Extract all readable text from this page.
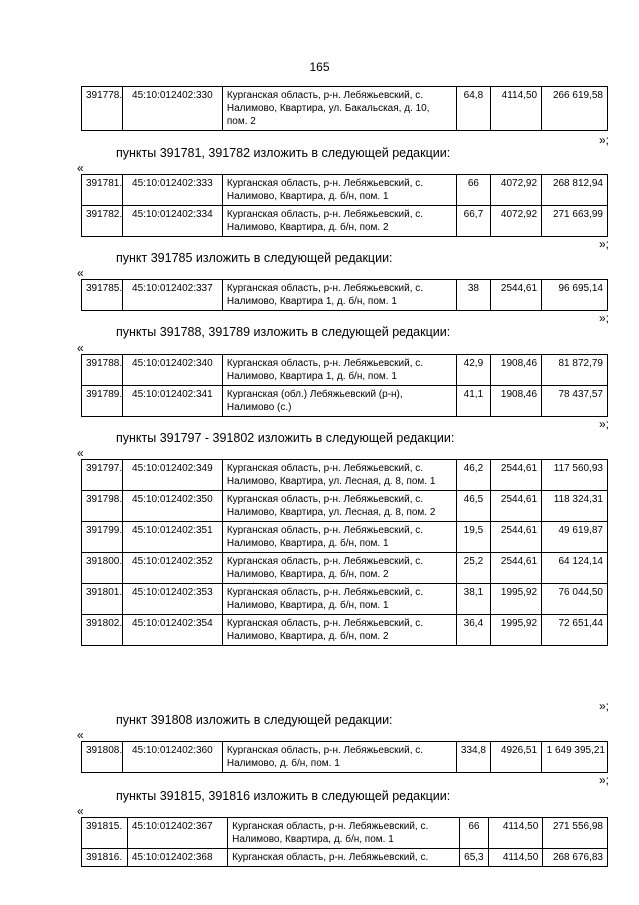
165
391778.	45:10:012402:330	Курганская область, р-н. Лебяжьевский, с. Налимово, Квартира, ул. Бакальская, д. 10, пом. 2	64,8	4114,50	266 619,58
»;
пункты 391781, 391782 изложить в следующей редакции:
«
391781.	45:10:012402:333	Курганская область, р-н. Лебяжьевский, с. Налимово, Квартира, д. б/н, пом. 1	66	4072,92	268 812,94
391782.	45:10:012402:334	Курганская область, р-н. Лебяжьевский, с. Налимово, Квартира, д. б/н, пом. 2	66,7	4072,92	271 663,99
»;
пункт 391785 изложить в следующей редакции:
«
391785.	45:10:012402:337	Курганская область, р-н. Лебяжьевский, с. Налимово, Квартира 1, д. б/н, пом. 1	38	2544,61	96 695,14
»;
пункты 391788, 391789 изложить в следующей редакции:
«
391788.	45:10:012402:340	Курганская область, р-н. Лебяжьевский, с. Налимово, Квартира 1, д. б/н, пом. 1	42,9	1908,46	81 872,79
391789.	45:10:012402:341	Курганская (обл.) Лебяжьевский (р-н), Налимово (с.)	41,1	1908,46	78 437,57
»;
пункты 391797 - 391802 изложить в следующей редакции:
«
391797.	45:10:012402:349	Курганская область, р-н. Лебяжьевский, с. Налимово, Квартира, ул. Лесная, д. 8, пом. 1	46,2	2544,61	117 560,93
391798.	45:10:012402:350	Курганская область, р-н. Лебяжьевский, с. Налимово, Квартира, ул. Лесная, д. 8, пом. 2	46,5	2544,61	118 324,31
391799.	45:10:012402:351	Курганская область, р-н. Лебяжьевский, с. Налимово, Квартира, д. б/н, пом. 1	19,5	2544,61	49 619,87
391800.	45:10:012402:352	Курганская область, р-н. Лебяжьевский, с. Налимово, Квартира, д. б/н, пом. 2	25,2	2544,61	64 124,14
391801.	45:10:012402:353	Курганская область, р-н. Лебяжьевский, с. Налимово, Квартира, д. б/н, пом. 1	38,1	1995,92	76 044,50
391802.	45:10:012402:354	Курганская область, р-н. Лебяжьевский, с. Налимово, Квартира, д. б/н, пом. 2	36,4	1995,92	72 651,44
»;
пункт 391808 изложить в следующей редакции:
«
391808.	45:10:012402:360	Курганская область, р-н. Лебяжьевский, с. Налимово, д. б/н, пом. 1	334,8	4926,51	1 649 395,21
»;
пункты 391815, 391816 изложить в следующей редакции:
«
391815.	45:10:012402:367	Курганская область, р-н. Лебяжьевский, с. Налимово, Квартира, д. б/н, пом. 1	66	4114,50	271 556,98
391816.	45:10:012402:368	Курганская область, р-н. Лебяжьевский, с.	65,3	4114,50	268 676,83
